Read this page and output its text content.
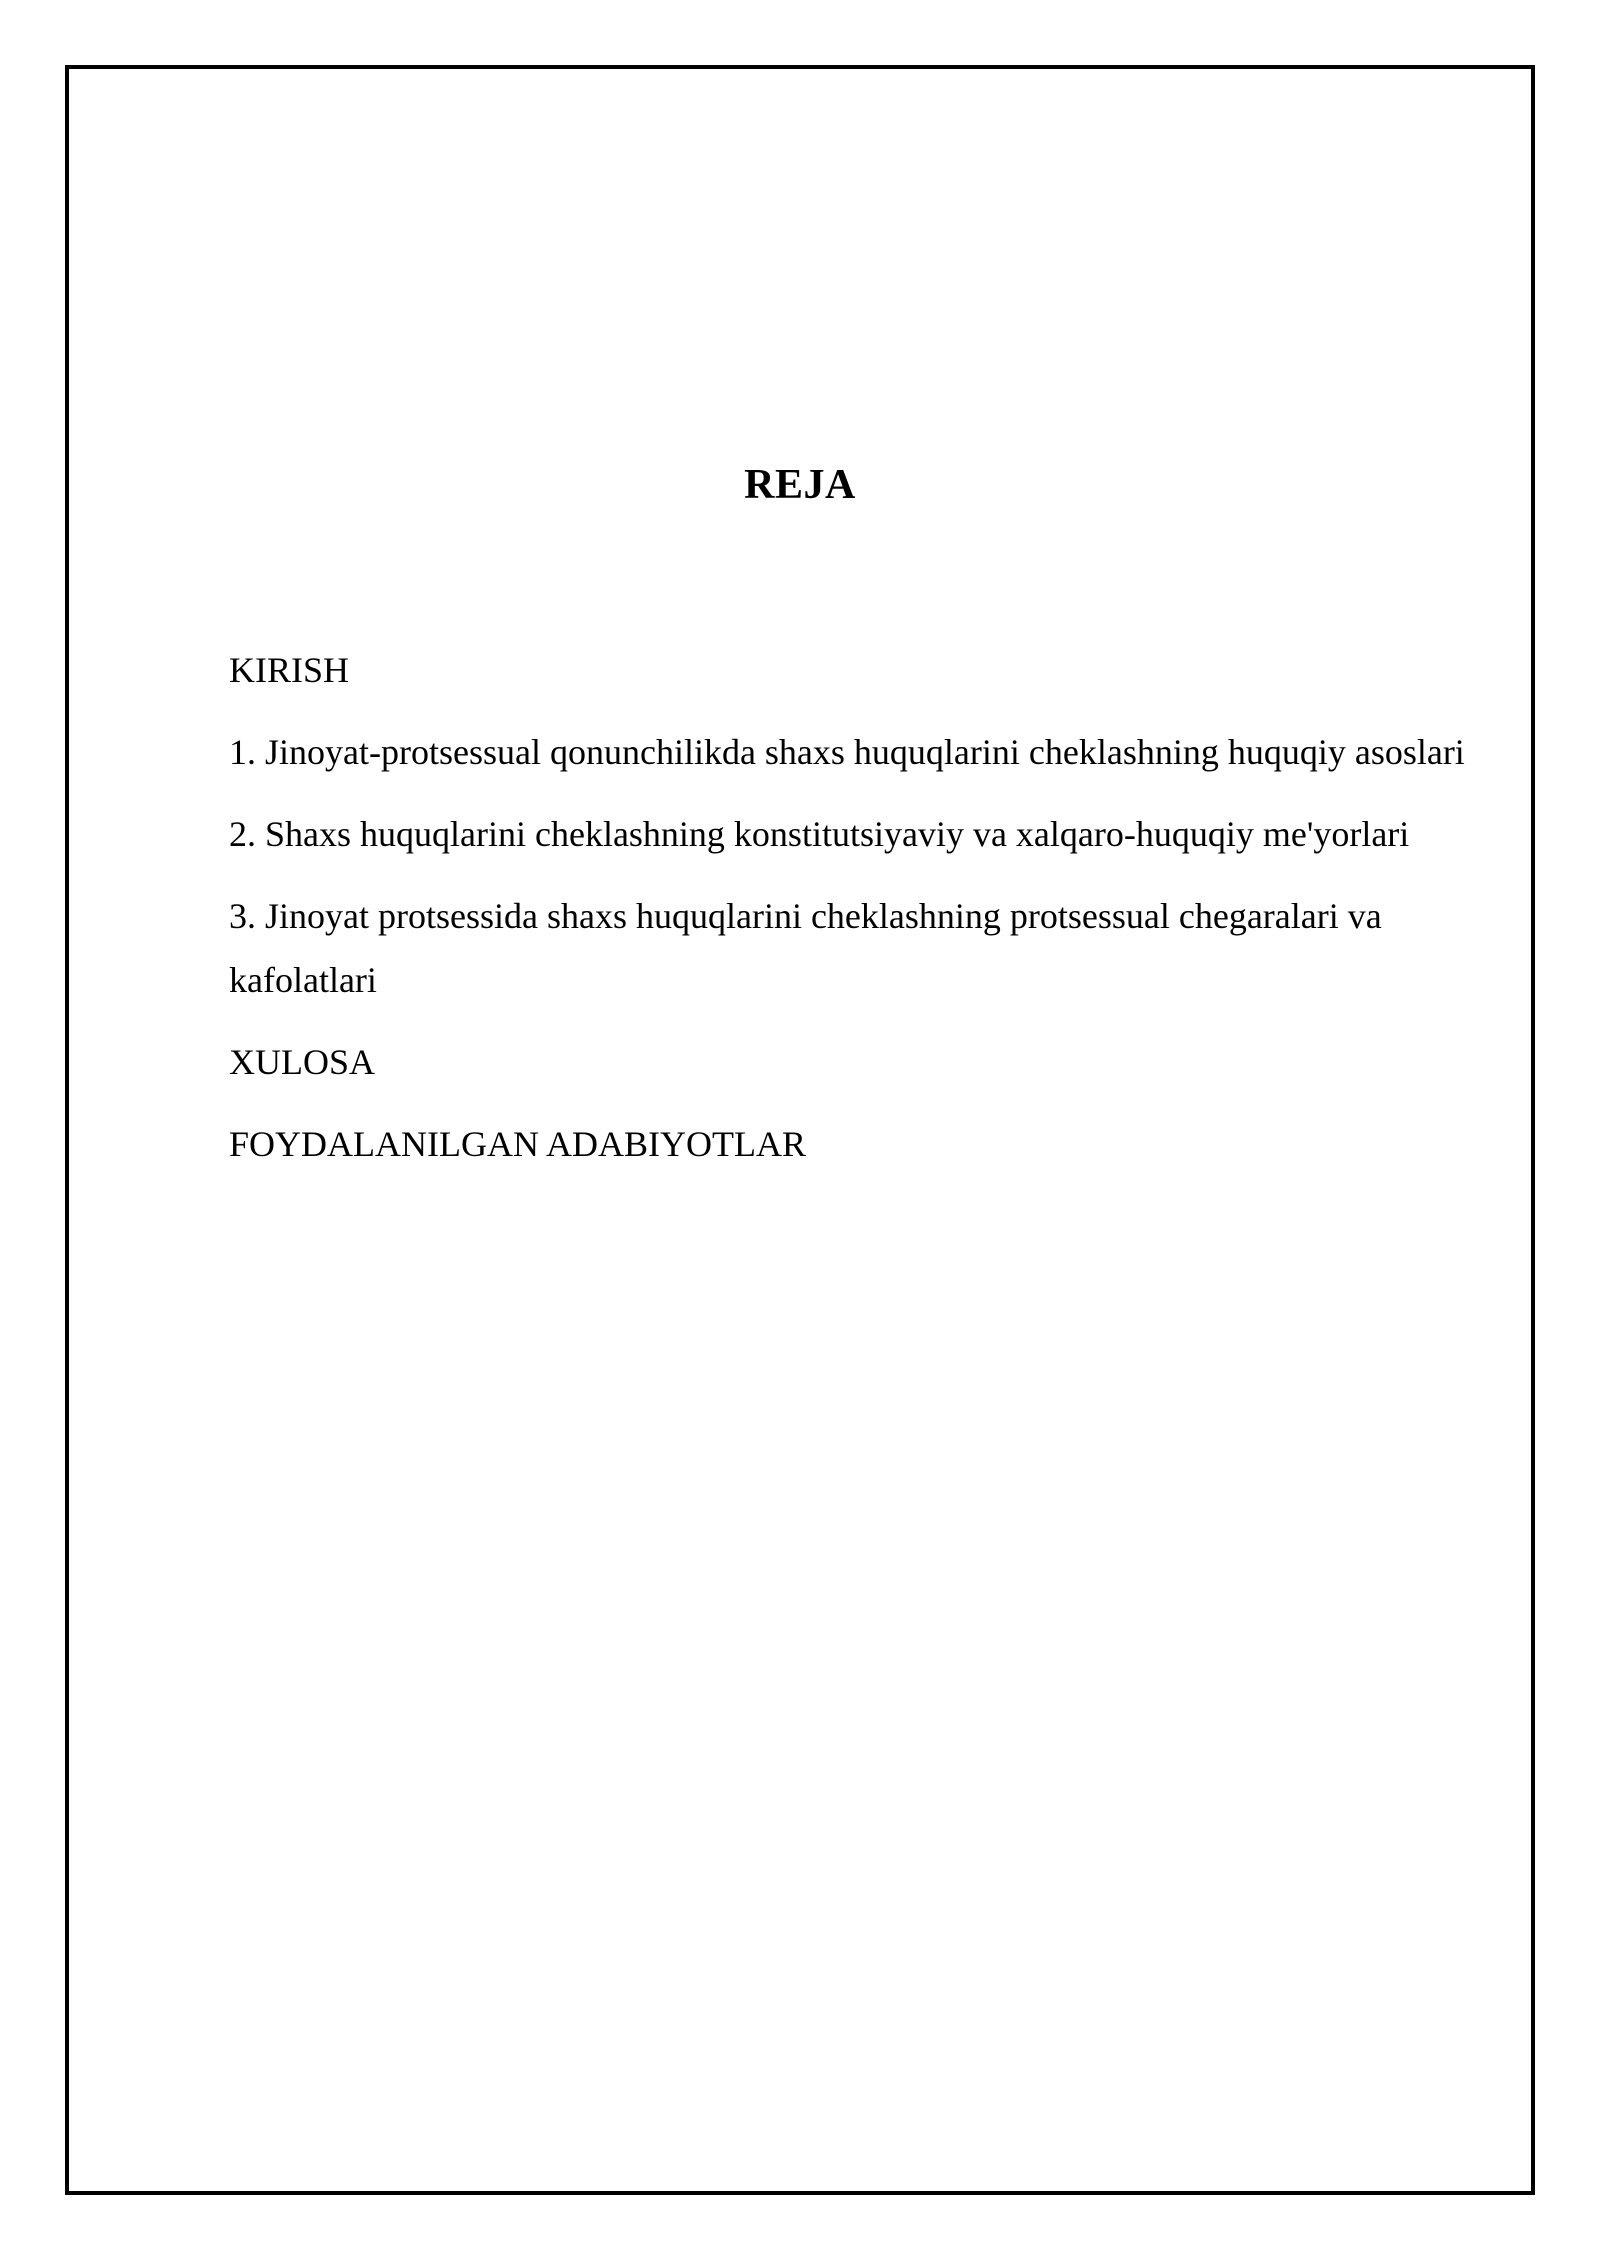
REJA
KIRISH
1. Jinoyat-protsessual qonunchilikda shaxs huquqlarini cheklashning huquqiy asoslari
2. Shaxs huquqlarini cheklashning konstitutsiyaviy va xalqaro-huquqiy me'yorlari
3. Jinoyat protsessida shaxs huquqlarini cheklashning protsessual chegaralari va kafolatlari
XULOSA
FOYDALANILGAN ADABIYOTLAR
